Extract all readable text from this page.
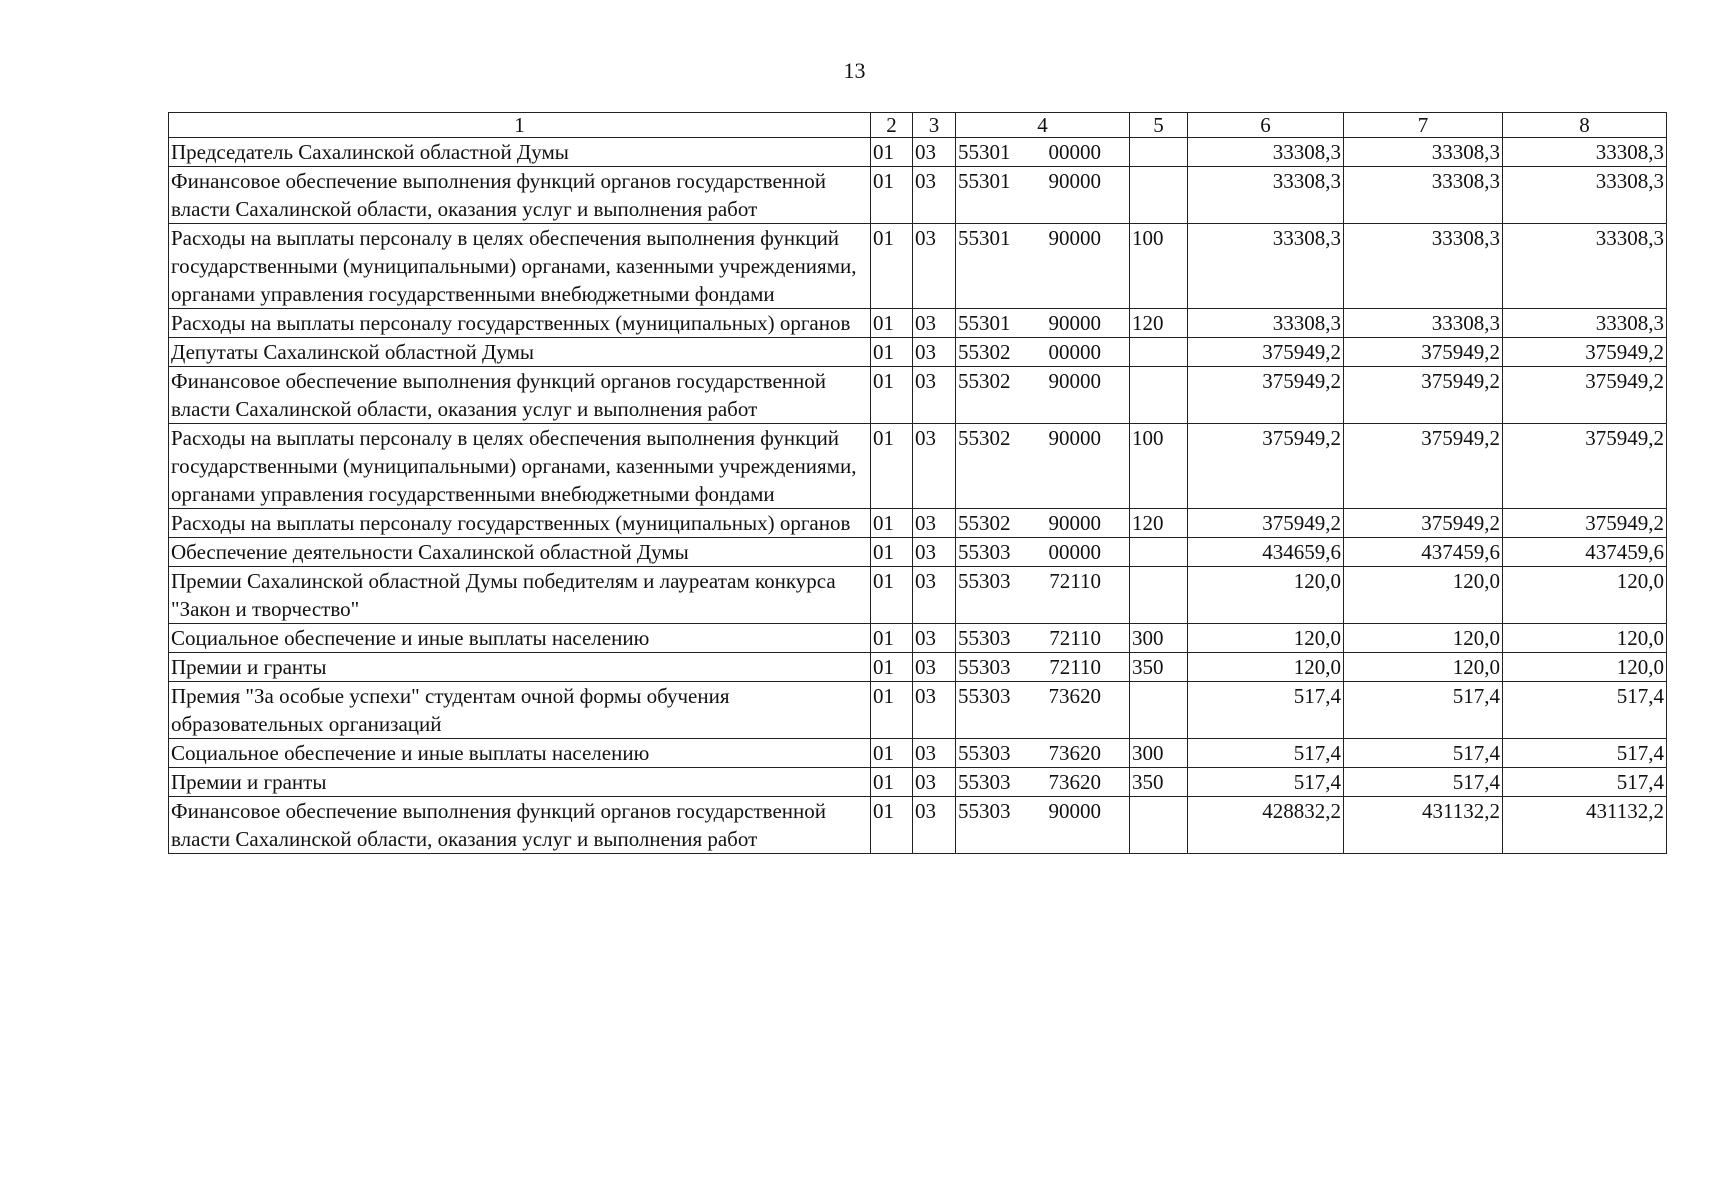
13
1	2	3	4	5	6	7	8
Председатель Сахалинской областной Думы	01	03	55301 00000		33308,3	33308,3	33308,3
Финансовое обеспечение выполнения функций органов государственной власти Сахалинской области, оказания услуг и выполнения работ	01	03	55301 90000		33308,3	33308,3	33308,3
Расходы на выплаты персоналу в целях обеспечения выполнения функций государственными (муниципальными) органами, казенными учреждениями, органами управления государственными внебюджетными фондами	01	03	55301 90000	100	33308,3	33308,3	33308,3
Расходы на выплаты персоналу государственных (муниципальных) органов	01	03	55301 90000	120	33308,3	33308,3	33308,3
Депутаты Сахалинской областной Думы	01	03	55302 00000		375949,2	375949,2	375949,2
Финансовое обеспечение выполнения функций органов государственной власти Сахалинской области, оказания услуг и выполнения работ	01	03	55302 90000		375949,2	375949,2	375949,2
Расходы на выплаты персоналу в целях обеспечения выполнения функций государственными (муниципальными) органами, казенными учреждениями, органами управления государственными внебюджетными фондами	01	03	55302 90000	100	375949,2	375949,2	375949,2
Расходы на выплаты персоналу государственных (муниципальных) органов	01	03	55302 90000	120	375949,2	375949,2	375949,2
Обеспечение деятельности Сахалинской областной Думы	01	03	55303 00000		434659,6	437459,6	437459,6
Премии Сахалинской областной Думы победителям и лауреатам конкурса "Закон и творчество"	01	03	55303 72110		120,0	120,0	120,0
Социальное обеспечение и иные выплаты населению	01	03	55303 72110	300	120,0	120,0	120,0
Премии и гранты	01	03	55303 72110	350	120,0	120,0	120,0
Премия "За особые успехи" студентам очной формы обучения образовательных организаций	01	03	55303 73620		517,4	517,4	517,4
Социальное обеспечение и иные выплаты населению	01	03	55303 73620	300	517,4	517,4	517,4
Премии и гранты	01	03	55303 73620	350	517,4	517,4	517,4
Финансовое обеспечение выполнения функций органов государственной власти Сахалинской области, оказания услуг и выполнения работ	01	03	55303 90000		428832,2	431132,2	431132,2
